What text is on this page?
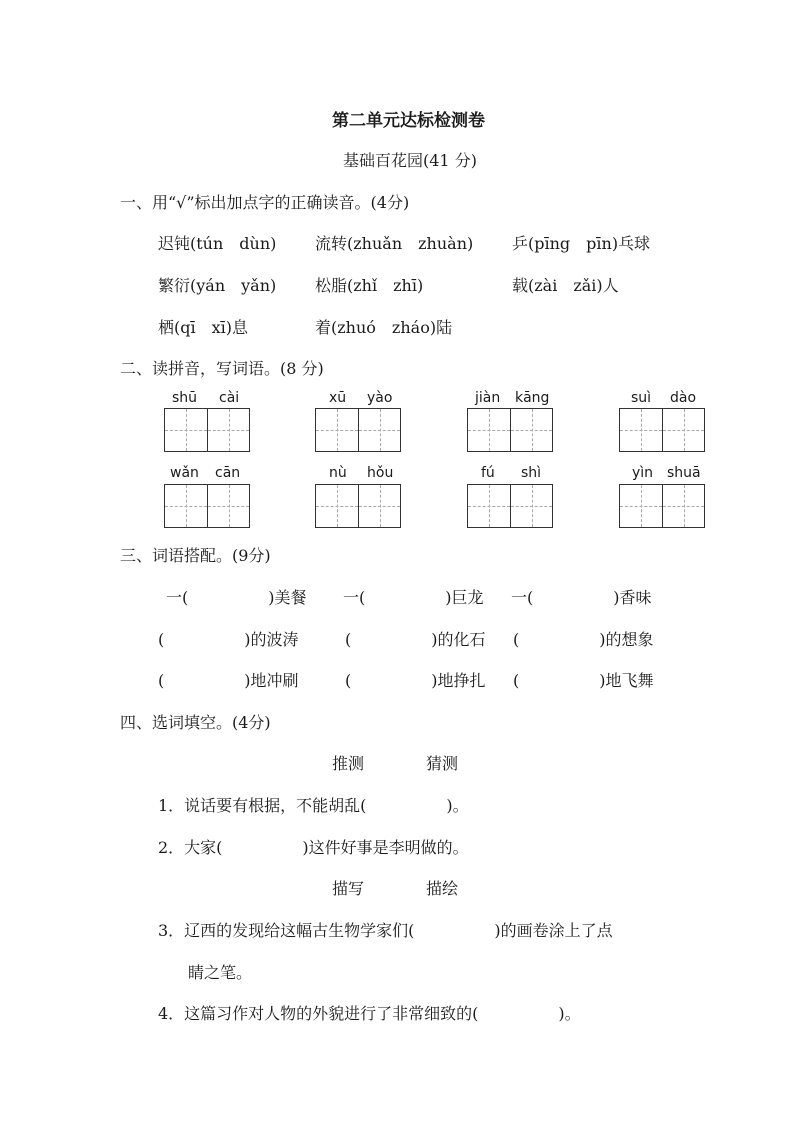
第二单元达标检测卷
基础百花园(41 分)
一、用“√”标出加点字的正确读音。(4分)
迟钝(tún　dùn) 流转(zhuǎn　zhuàn) 乒(pīng　pīn)乓球
繁衍(yán　yǎn) 松脂(zhǐ　zhī)	载(zài　zǎi)人
栖(qī　xī)息	着(zhuó　zháo)陆
二、读拼音，写词语。(8 分)
shū cài	xū yào	jiàn kāng	suì dào
wǎn cān	nù hǒu	fú shì	yìn shuā
三、词语搭配。(9分)
一(　　　　　)美餐 一(　　　　　)巨龙 一(　　　　　)香味
(　　　　　)的波涛	(　　　　　)的化石 (　　　　　)的想象
(　　　　　)地冲刷	(　　　　　)地挣扎 (　　　　　)地飞舞
四、选词填空。(4分)
推测	猜测
1．说话要有根据，不能胡乱(　　　　　)。
2．大家(　　　　　)这件好事是李明做的。
描写	描绘
3．辽西的发现给这幅古生物学家们(　　　　　)的画卷涂上了点
睛之笔。
4．这篇习作对人物的外貌进行了非常细致的(　　　　　)。
